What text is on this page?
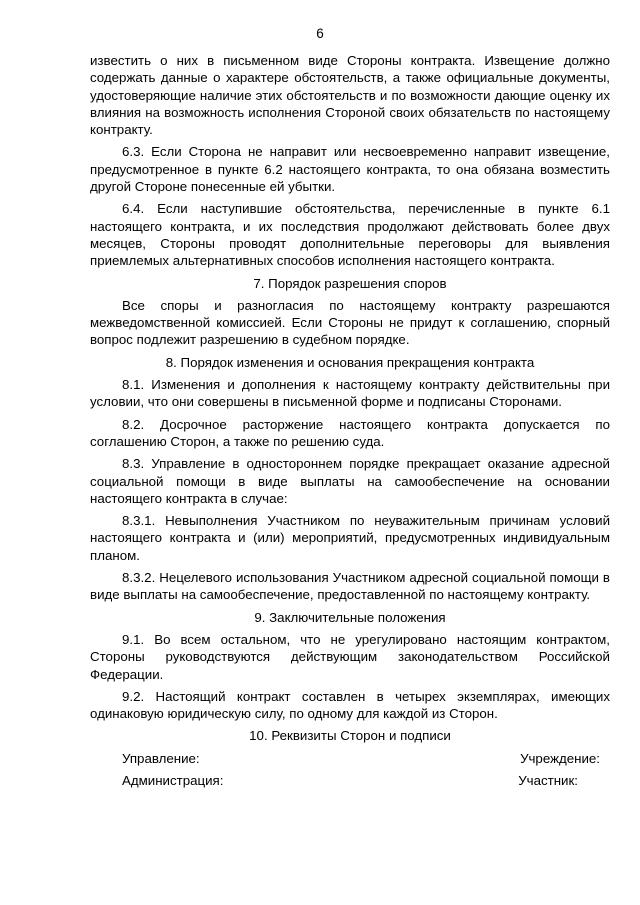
6

известить о них в письменном виде Стороны контракта. Извещение должно содержать данные о характере обстоятельств, а также официальные документы, удостоверяющие наличие этих обстоятельств и по возможности дающие оценку их влияния на возможность исполнения Стороной своих обязательств по настоящему контракту.

6.3. Если Сторона не направит или несвоевременно направит извещение, предусмотренное в пункте 6.2 настоящего контракта, то она обязана возместить другой Стороне понесенные ей убытки.

6.4. Если наступившие обстоятельства, перечисленные в пункте 6.1 настоящего контракта, и их последствия продолжают действовать более двух месяцев, Стороны проводят дополнительные переговоры для выявления приемлемых альтернативных способов исполнения настоящего контракта.

7. Порядок разрешения споров

Все споры и разногласия по настоящему контракту разрешаются межведомственной комиссией. Если Стороны не придут к соглашению, спорный вопрос подлежит разрешению в судебном порядке.

8. Порядок изменения и основания прекращения контракта

8.1. Изменения и дополнения к настоящему контракту действительны при условии, что они совершены в письменной форме и подписаны Сторонами.

8.2. Досрочное расторжение настоящего контракта допускается по соглашению Сторон, а также по решению суда.

8.3. Управление в одностороннем порядке прекращает оказание адресной социальной помощи в виде выплаты на самообеспечение на основании настоящего контракта в случае:

8.3.1. Невыполнения Участником по неуважительным причинам условий настоящего контракта и (или) мероприятий, предусмотренных индивидуальным планом.

8.3.2. Нецелевого использования Участником адресной социальной помощи в виде выплаты на самообеспечение, предоставленной по настоящему контракту.

9. Заключительные положения

9.1. Во всем остальном, что не урегулировано настоящим контрактом, Стороны руководствуются действующим законодательством Российской Федерации.

9.2. Настоящий контракт составлен в четырех экземплярах, имеющих одинаковую юридическую силу, по одному для каждой из Сторон.

10. Реквизиты Сторон и подписи

Управление:	Учреждение:
Администрация:	Участник:
